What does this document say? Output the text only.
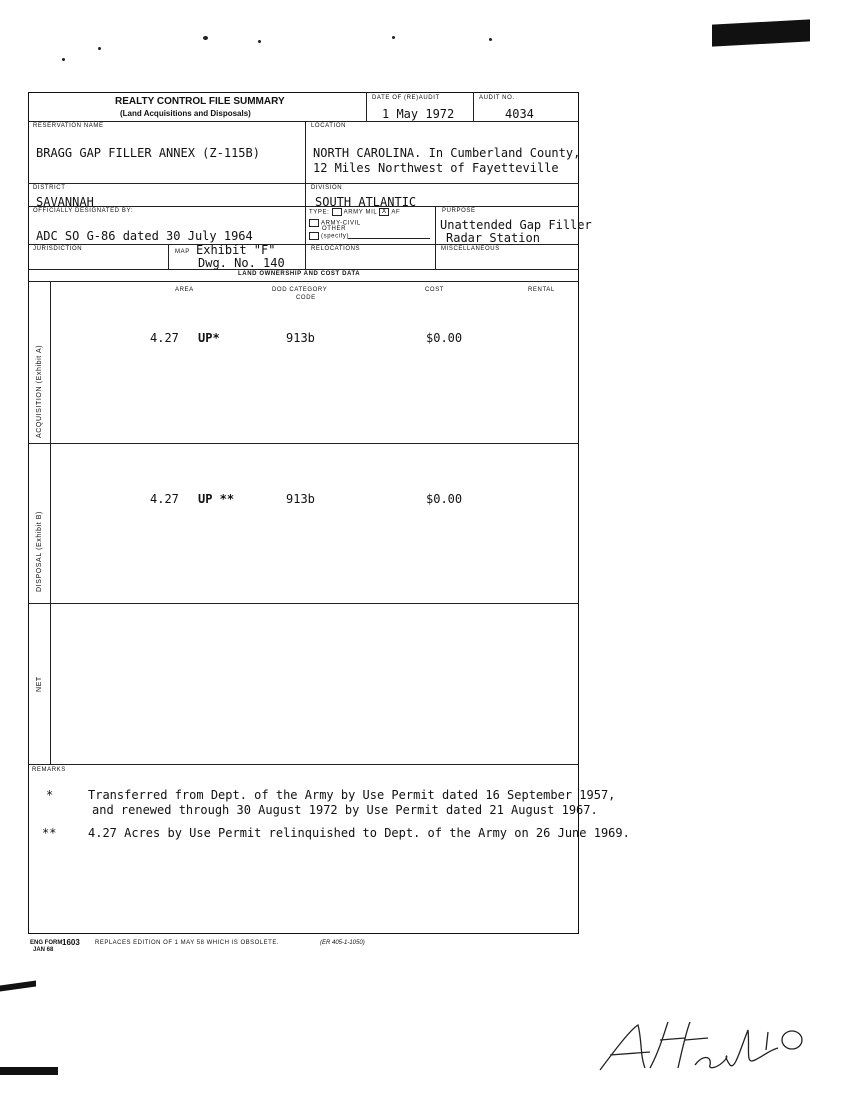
REALTY CONTROL FILE SUMMARY
(Land Acquisitions and Disposals)
DATE OF (RE)AUDIT
1 May 1972
AUDIT NO.
4034
RESERVATION NAME
BRAGG GAP FILLER ANNEX (Z-115B)
LOCATION
NORTH CAROLINA. In Cumberland County,
12 Miles Northwest of Fayetteville
DISTRICT
SAVANNAH
DIVISION
SOUTH ATLANTIC
OFFICIALLY DESIGNATED BY:
ADC SO G-86 dated 30 July 1964
TYPE: ARMY MIL X AF
ARMY-CIVIL
OTHER
(specify)
PURPOSE
Unattended Gap Filler
Radar Station
JURISDICTION	MAP Exhibit "F"
Dwg. No. 140
RELOCATIONS	MISCELLANEOUS
LAND OWNERSHIP AND COST DATA
AREA	DOD CATEGORY
CODE
COST	RENTAL
ACQUISITION (Exhibit A)
4.27 UP*	913b	$0.00
DISPOSAL (Exhibit B)
4.27 UP **	913b	$0.00
NET
REMARKS
*	Transferred from Dept. of the Army by Use Permit dated 16 September 1957,
and renewed through 30 August 1972 by Use Permit dated 21 August 1967.
**	4.27 Acres by Use Permit relinquished to Dept. of the Army on 26 June 1969.
ENG FORM 1603
JAN 68
REPLACES EDITION OF 1 MAY 58 WHICH IS OBSOLETE.	(ER 405-1-1050)
